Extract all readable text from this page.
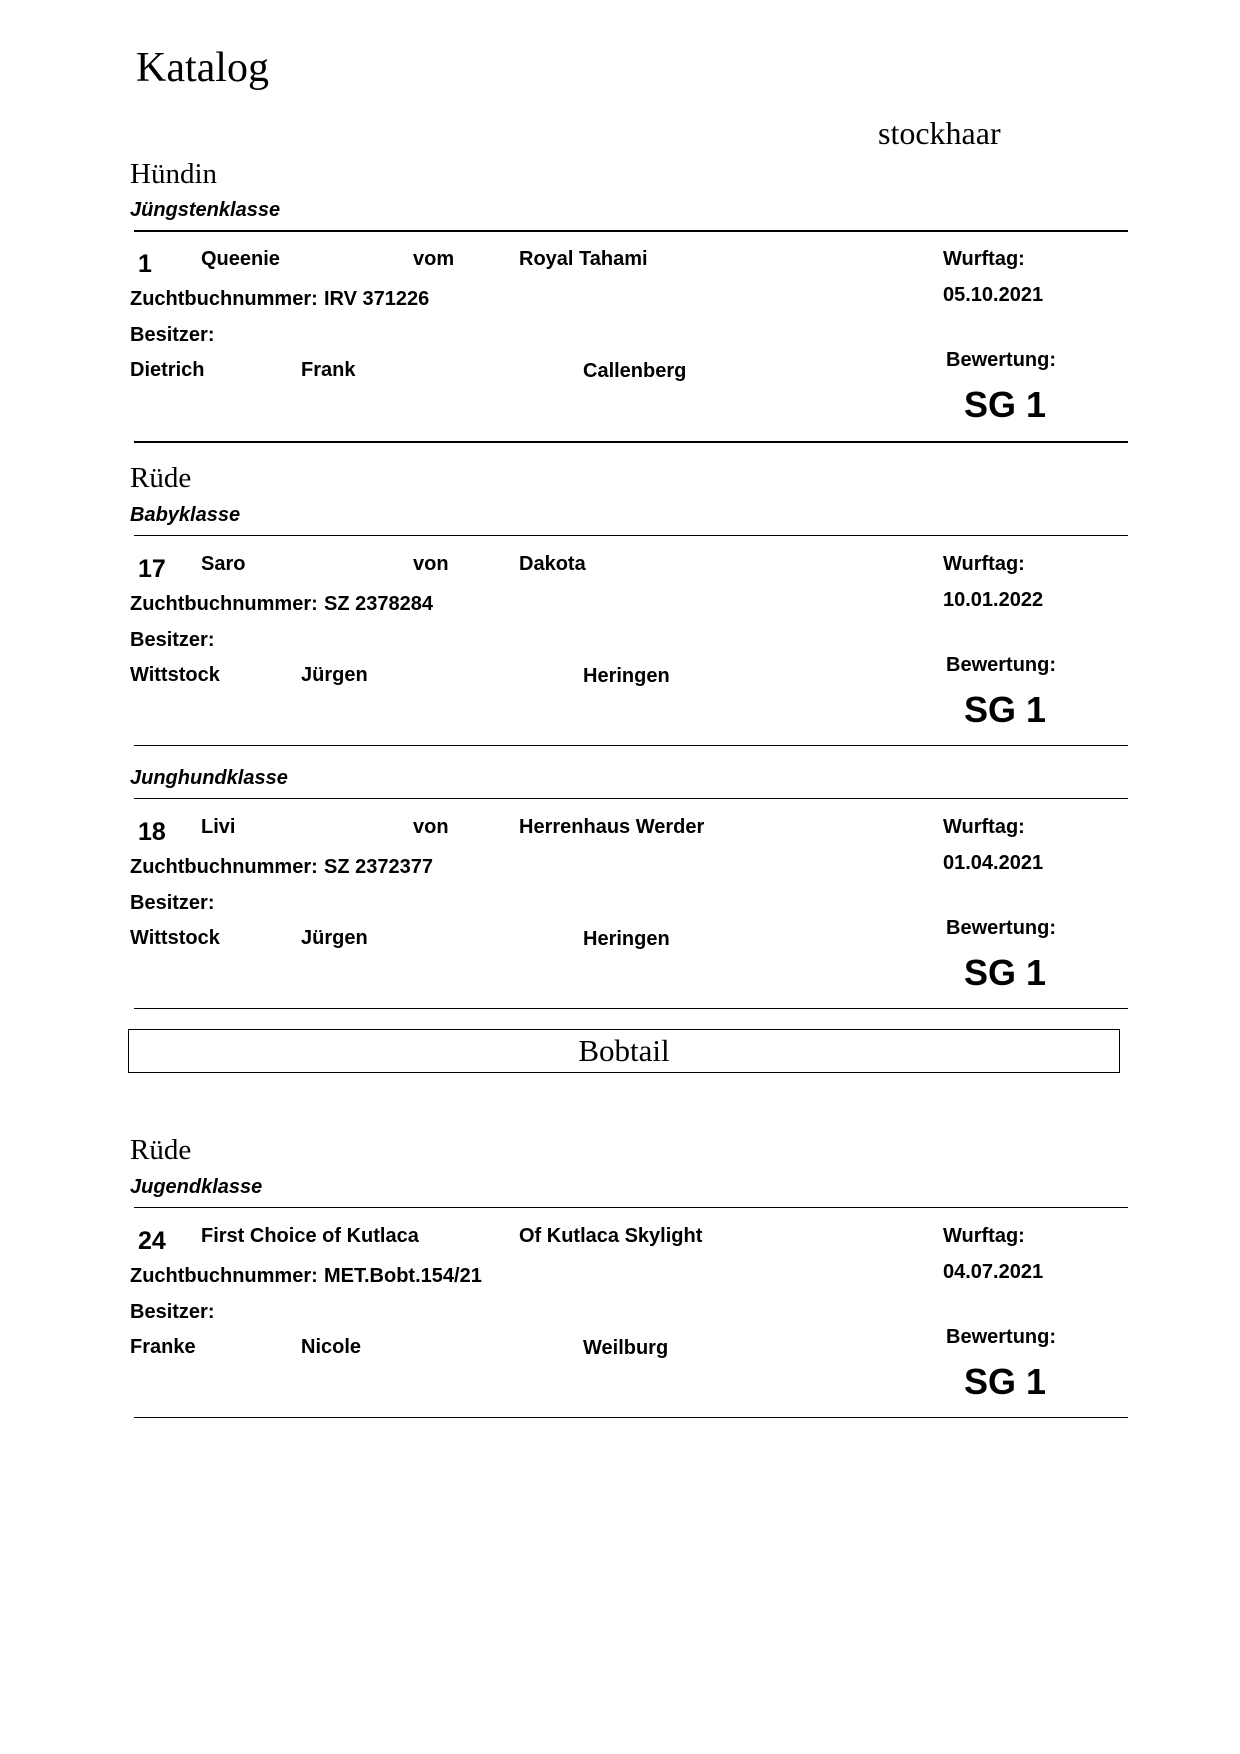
Katalog
stockhaar
Hündin
Jüngstenklasse
1 Queenie	vom	Royal Tahami	Wurftag:
05.10.2021
Zuchtbuchnummer: IRV 371226
Besitzer:
Dietrich	Frank	Callenberg	Bewertung:
SG 1
Rüde
Babyklasse
17 Saro	von	Dakota	Wurftag:
10.01.2022
Zuchtbuchnummer: SZ 2378284
Besitzer:
Wittstock	Jürgen	Heringen	Bewertung:
SG 1
Junghundklasse
18 Livi	von	Herrenhaus Werder	Wurftag:
01.04.2021
Zuchtbuchnummer: SZ 2372377
Besitzer:
Wittstock	Jürgen	Heringen	Bewertung:
SG 1
Bobtail
Rüde
Jugendklasse
24 First Choice of Kutlaca	Of Kutlaca Skylight	Wurftag:
04.07.2021
Zuchtbuchnummer: MET.Bobt.154/21
Besitzer:
Franke	Nicole	Weilburg	Bewertung:
SG 1
